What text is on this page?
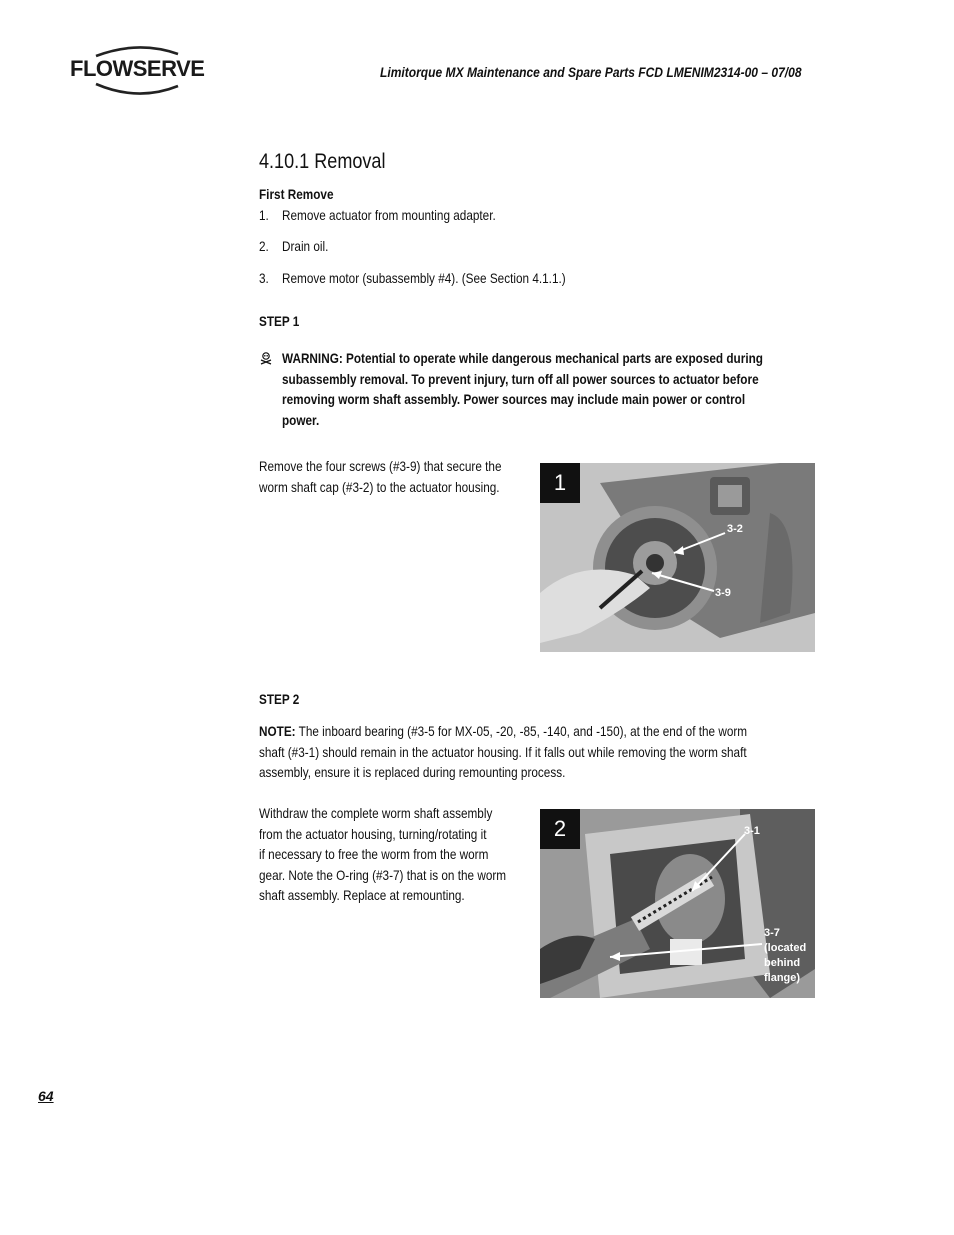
FLOWSERVE	Limitorque MX Maintenance and Spare Parts FCD LMENIM2314-00 – 07/08
4.10.1 Removal
First Remove
1. Remove actuator from mounting adapter.
2. Drain oil.
3. Remove motor (subassembly #4). (See Section 4.1.1.)
STEP 1
WARNING: Potential to operate while dangerous mechanical parts are exposed during
subassembly removal. To prevent injury, turn off all power sources to actuator before
removing worm shaft assembly. Power sources may include main power or control
power.
Remove the four screws (#3-9) that secure the
worm shaft cap (#3-2) to the actuator housing.	1
3-2
3-9
STEP 2
NOTE: The inboard bearing (#3-5 for MX-05, -20, -85, -140, and -150), at the end of the worm
shaft (#3-1) should remain in the actuator housing. If it falls out while removing the worm shaft
assembly, ensure it is replaced during remounting process.
Withdraw the complete worm shaft assembly
from the actuator housing, turning/rotating it
if necessary to free the worm from the worm
gear. Note the O-ring (#3-7) that is on the worm
shaft assembly. Replace at remounting.
2	3-1
3-7
(located
behind
flange)
64
